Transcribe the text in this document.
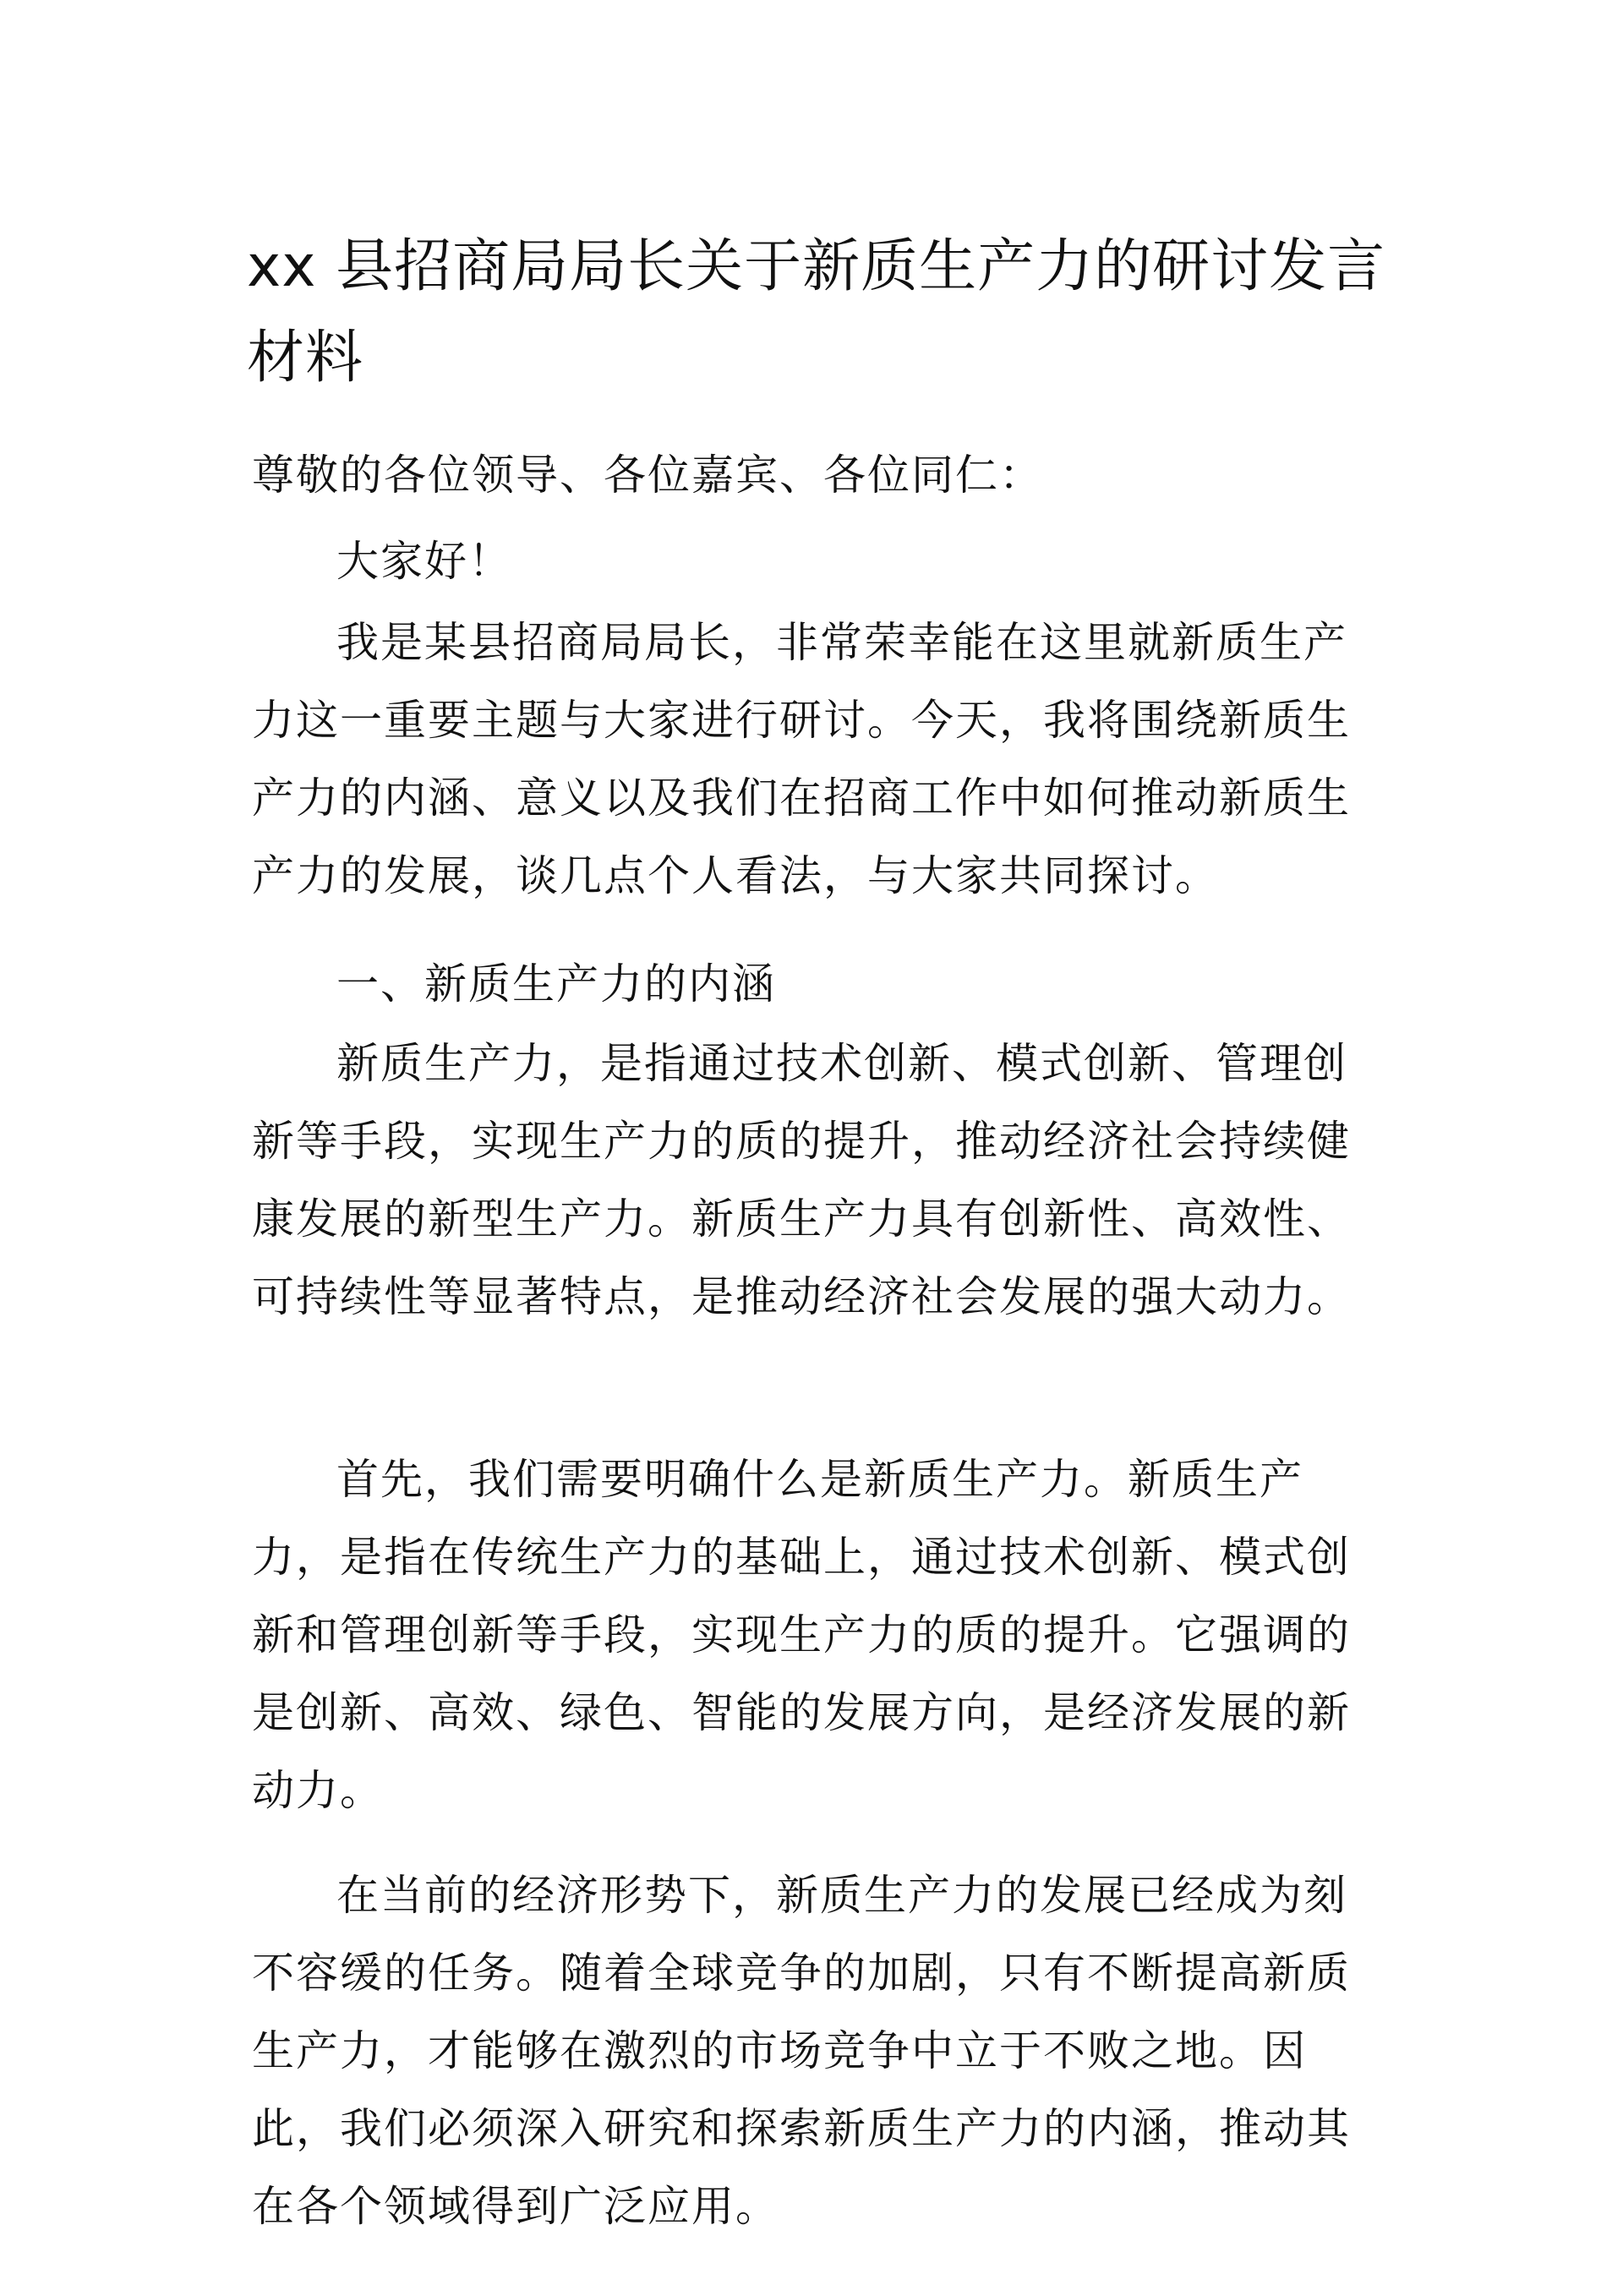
xx 县招商局局长关于新质生产力的研讨发言材料

尊敬的各位领导、各位嘉宾、各位同仁：

大家好！

我是某县招商局局长，非常荣幸能在这里就新质生产力这一重要主题与大家进行研讨。今天，我将围绕新质生产力的内涵、意义以及我们在招商工作中如何推动新质生产力的发展，谈几点个人看法，与大家共同探讨。

一、新质生产力的内涵

新质生产力，是指通过技术创新、模式创新、管理创新等手段，实现生产力的质的提升，推动经济社会持续健康发展的新型生产力。新质生产力具有创新性、高效性、可持续性等显著特点，是推动经济社会发展的强大动力。

首先，我们需要明确什么是新质生产力。新质生产力，是指在传统生产力的基础上，通过技术创新、模式创新和管理创新等手段，实现生产力的质的提升。它强调的是创新、高效、绿色、智能的发展方向，是经济发展的新动力。

在当前的经济形势下，新质生产力的发展已经成为刻不容缓的任务。随着全球竞争的加剧，只有不断提高新质生产力，才能够在激烈的市场竞争中立于不败之地。因此，我们必须深入研究和探索新质生产力的内涵，推动其在各个领域得到广泛应用。
